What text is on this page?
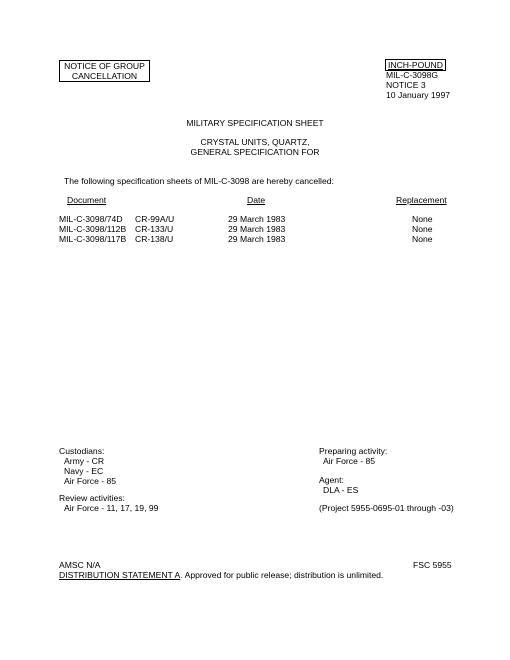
NOTICE OF GROUP
CANCELLATION
INCH-POUND
MIL-C-3098G
NOTICE 3
10 January 1997
MILITARY SPECIFICATION SHEET
CRYSTAL UNITS, QUARTZ,
GENERAL SPECIFICATION FOR
The following specification sheets of MIL-C-3098 are hereby cancelled:
Document	Date	Replacement
MIL-C-3098/74D CR-99A/U	29 March 1983	None
MIL-C-3098/112B CR-133/U	29 March 1983	None
MIL-C-3098/117B CR-138/U	29 March 1983	None
Custodians:
Army - CR
Navy - EC
Air Force - 85
Review activities:
Air Force - 11, 17, 19, 99
Preparing activity:
Air Force - 85
Agent:
DLA - ES
(Project 5955-0695-01 through -03)
AMSC N/A	FSC 5955
DISTRIBUTION STATEMENT A. Approved for public release; distribution is unlimited.
